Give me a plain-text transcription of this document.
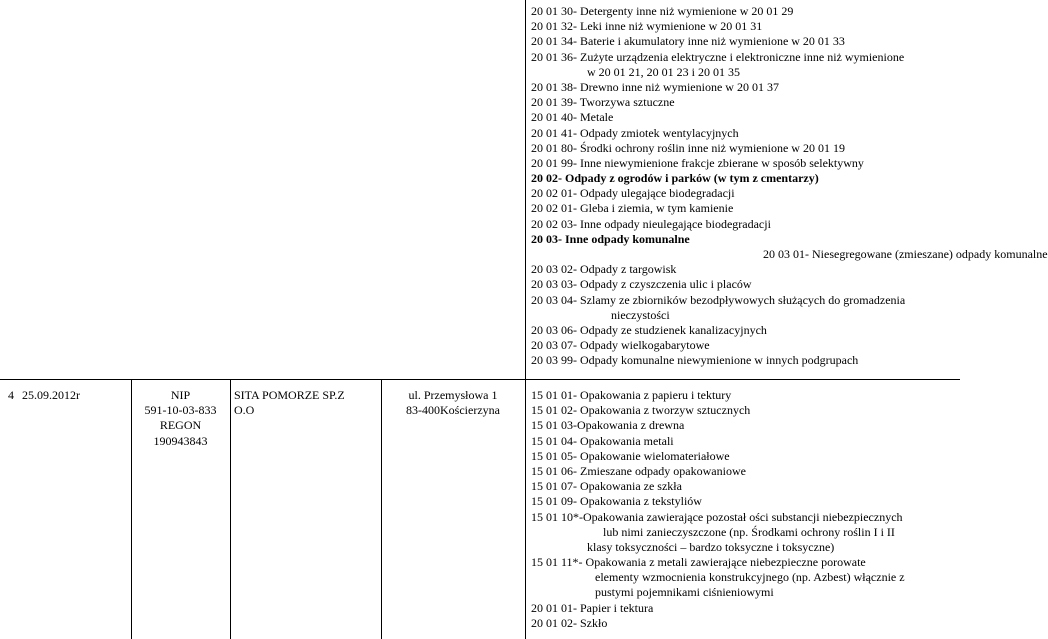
20 01 30- Detergenty inne niż wymienione w 20 01 29
20 01 32- Leki inne niż wymienione w 20 01 31
20 01 34- Baterie i akumulatory inne niż wymienione w 20 01 33
20 01 36- Zużyte urządzenia elektryczne i elektroniczne inne niż wymienione
w 20 01 21, 20 01 23 i 20 01 35
20 01 38- Drewno inne niż wymienione w 20 01 37
20 01 39- Tworzywa sztuczne
20 01 40- Metale
20 01 41- Odpady zmiotek wentylacyjnych
20 01 80- Środki ochrony roślin inne niż wymienione w 20 01 19
20 01 99- Inne niewymienione frakcje zbierane w sposób selektywny
20 02- Odpady z ogrodów i parków (w tym z cmentarzy)
20 02 01- Odpady ulegające biodegradacji
20 02 01- Gleba i ziemia, w tym kamienie
20 02 03- Inne odpady nieulegające biodegradacji
20 03- Inne odpady komunalne
20 03 01- Niesegregowane (zmieszane) odpady komunalne
20 03 02- Odpady z targowisk
20 03 03- Odpady z czyszczenia ulic i placów
20 03 04- Szlamy ze zbiorników bezodpływowych służących do gromadzenia
nieczystości
20 03 06- Odpady ze studzienek kanalizacyjnych
20 03 07- Odpady wielkogabarytowe
20 03 99- Odpady komunalne niewymienione w innych podgrupach
4 25.09.2012r	NIP
591-10-03-833
REGON
190943843
SITA POMORZE SP.Z
O.O
ul. Przemysłowa 1
83-400Kościerzyna
15 01 01- Opakowania z papieru i tektury
15 01 02- Opakowania z tworzyw sztucznych
15 01 03-Opakowania z drewna
15 01 04- Opakowania metali
15 01 05- Opakowanie wielomateriałowe
15 01 06- Zmieszane odpady opakowaniowe
15 01 07- Opakowania ze szkła
15 01 09- Opakowania z tekstyliów
15 01 10*-Opakowania zawierające pozostał ości substancji niebezpiecznych
lub nimi zanieczyszczone (np. Środkami ochrony roślin I i II
klasy toksyczności – bardzo toksyczne i toksyczne)
15 01 11*- Opakowania z metali zawierające niebezpieczne porowate
elementy wzmocnienia konstrukcyjnego (np. Azbest) włącznie z
pustymi pojemnikami ciśnieniowymi
20 01 01- Papier i tektura
20 01 02- Szkło
